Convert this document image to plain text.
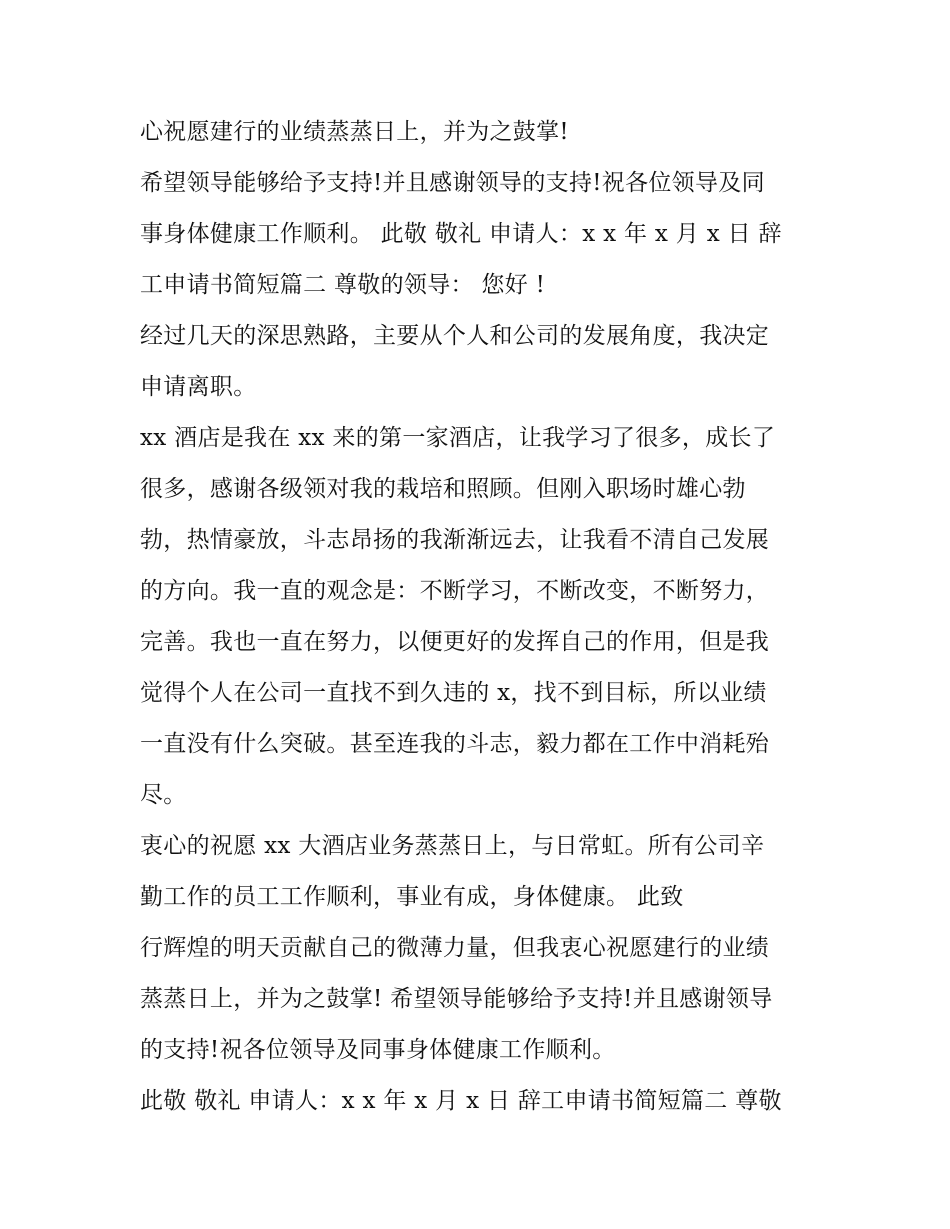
心祝愿建行的业绩蒸蒸日上，并为之鼓掌!
希望领导能够给予支持!并且感谢领导的支持!祝各位领导及同
事身体健康工作顺利。 此敬 敬礼 申请人：x x 年 x 月 x 日 辞
工申请书简短篇二 尊敬的领导： 您好 !
经过几天的深思熟路，主要从个人和公司的发展角度，我决定
申请离职。
xx 酒店是我在 xx 来的第一家酒店，让我学习了很多，成长了
很多，感谢各级领对我的栽培和照顾。但刚入职场时雄心勃
勃，热情豪放，斗志昂扬的我渐渐远去，让我看不清自己发展
的方向。我一直的观念是：不断学习，不断改变，不断努力，
完善。我也一直在努力，以便更好的发挥自己的作用，但是我
觉得个人在公司一直找不到久违的 x，找不到目标，所以业绩
一直没有什么突破。甚至连我的斗志，毅力都在工作中消耗殆
尽。
衷心的祝愿 xx 大酒店业务蒸蒸日上，与日常虹。所有公司辛
勤工作的员工工作顺利，事业有成，身体健康。 此致
行辉煌的明天贡献自己的微薄力量，但我衷心祝愿建行的业绩
蒸蒸日上，并为之鼓掌! 希望领导能够给予支持!并且感谢领导
的支持!祝各位领导及同事身体健康工作顺利。
此敬 敬礼 申请人：x x 年 x 月 x 日 辞工申请书简短篇二 尊敬
